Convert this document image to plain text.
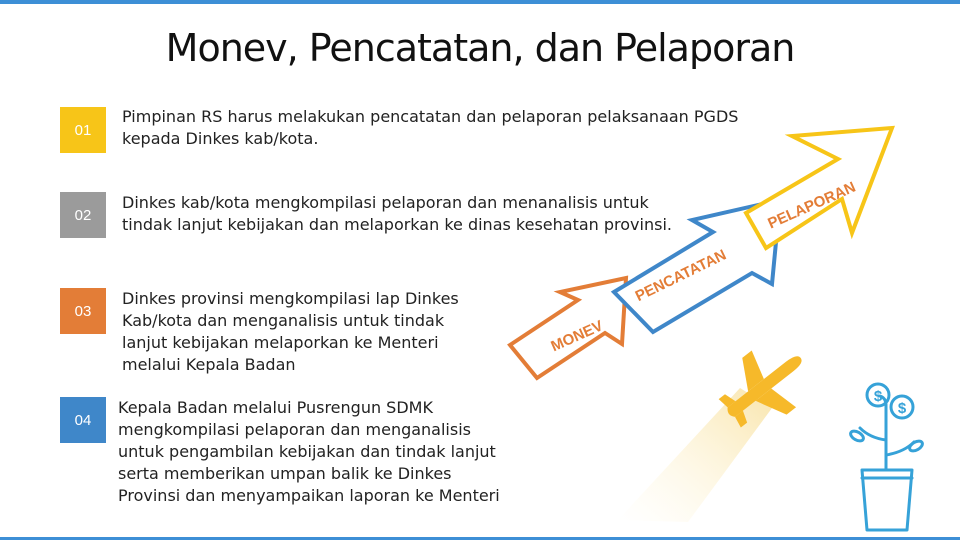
Monev, Pencatatan, dan Pelaporan
01
02
03
04
Pimpinan RS harus melakukan pencatatan dan pelaporan pelaksanaan PGDS kepada Dinkes kab/kota.
Dinkes kab/kota mengkompilasi pelaporan dan menanalisis untuk tindak lanjut kebijakan dan melaporkan ke dinas kesehatan provinsi.
Dinkes provinsi mengkompilasi lap Dinkes Kab/kota dan menganalisis untuk tindak lanjut kebijakan melaporkan ke Menteri melalui Kepala Badan
Kepala Badan melalui Pusrengun SDMK mengkompilasi pelaporan dan menganalisis untuk pengambilan kebijakan dan tindak lanjut serta memberikan umpan balik ke Dinkes Provinsi dan menyampaikan laporan ke Menteri
MONEV
PENCATATAN
PELAPORAN
$
$
